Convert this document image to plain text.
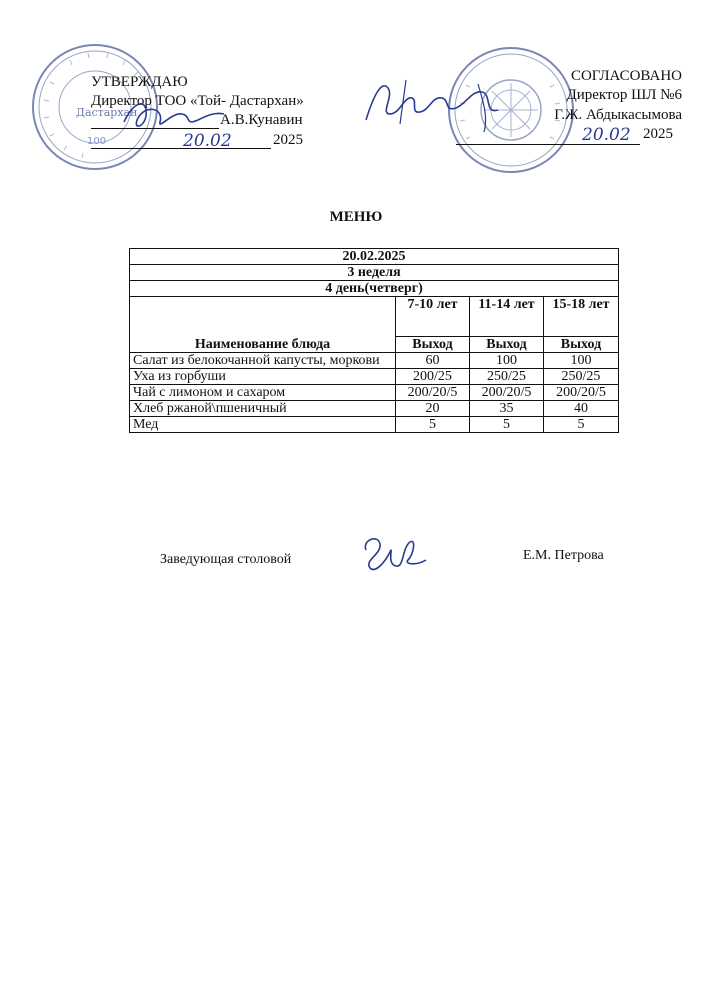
Дастархан
100
УТВЕРЖДАЮ
Директор ТОО «Той- Дастархан»
А.В.Кунавин
20.02	2025
СОГЛАСОВАНО
Директор ШЛ №6
Г.Ж. Абдыкасымова
20.02 2025
МЕНЮ
20.02.2025			
3 неделя			
4 день(четверг)			
Наименование блюда	7-10 лет	11-14 лет	15-18 лет
	Выход	Выход	Выход
Салат из белокочанной капусты, моркови	60	100	100
Уха из горбуши	200/25	250/25	250/25
Чай с лимоном и сахаром	200/20/5	200/20/5	200/20/5
Хлеб ржаной\пшеничный	20	35	40
Мед	5	5	5
Заведующая столовой	Е.М. Петрова
